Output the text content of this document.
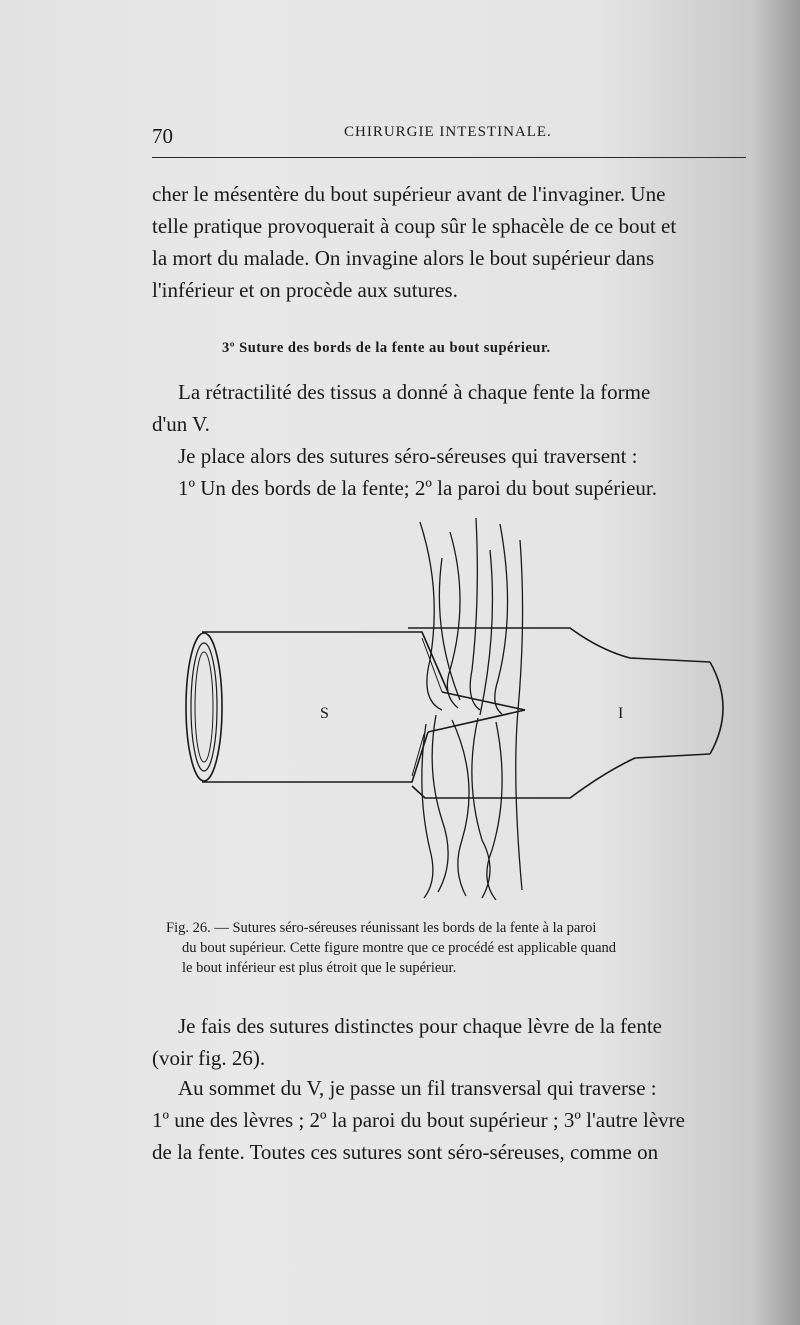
70	CHIRURGIE INTESTINALE.

cher le mésentère du bout supérieur avant de l'invaginer. Une

telle pratique provoquerait à coup sûr le sphacèle de ce bout et

la mort du malade. On invagine alors le bout supérieur dans

l'inférieur et on procède aux sutures.

3º Suture des bords de la fente au bout supérieur.

La rétractilité des tissus a donné à chaque fente la forme

d'un V.

Je place alors des sutures séro-séreuses qui traversent :

1º Un des bords de la fente; 2º la paroi du bout supérieur.

S	I
Fig. 26. — Sutures séro-séreuses réunissant les bords de la fente à la paroi
du bout supérieur. Cette figure montre que ce procédé est applicable quand
le bout inférieur est plus étroit que le supérieur.

Je fais des sutures distinctes pour chaque lèvre de la fente

(voir fig. 26).

Au sommet du V, je passe un fil transversal qui traverse :

1º une des lèvres ; 2º la paroi du bout supérieur ; 3º l'autre lèvre

de la fente. Toutes ces sutures sont séro-séreuses, comme on
